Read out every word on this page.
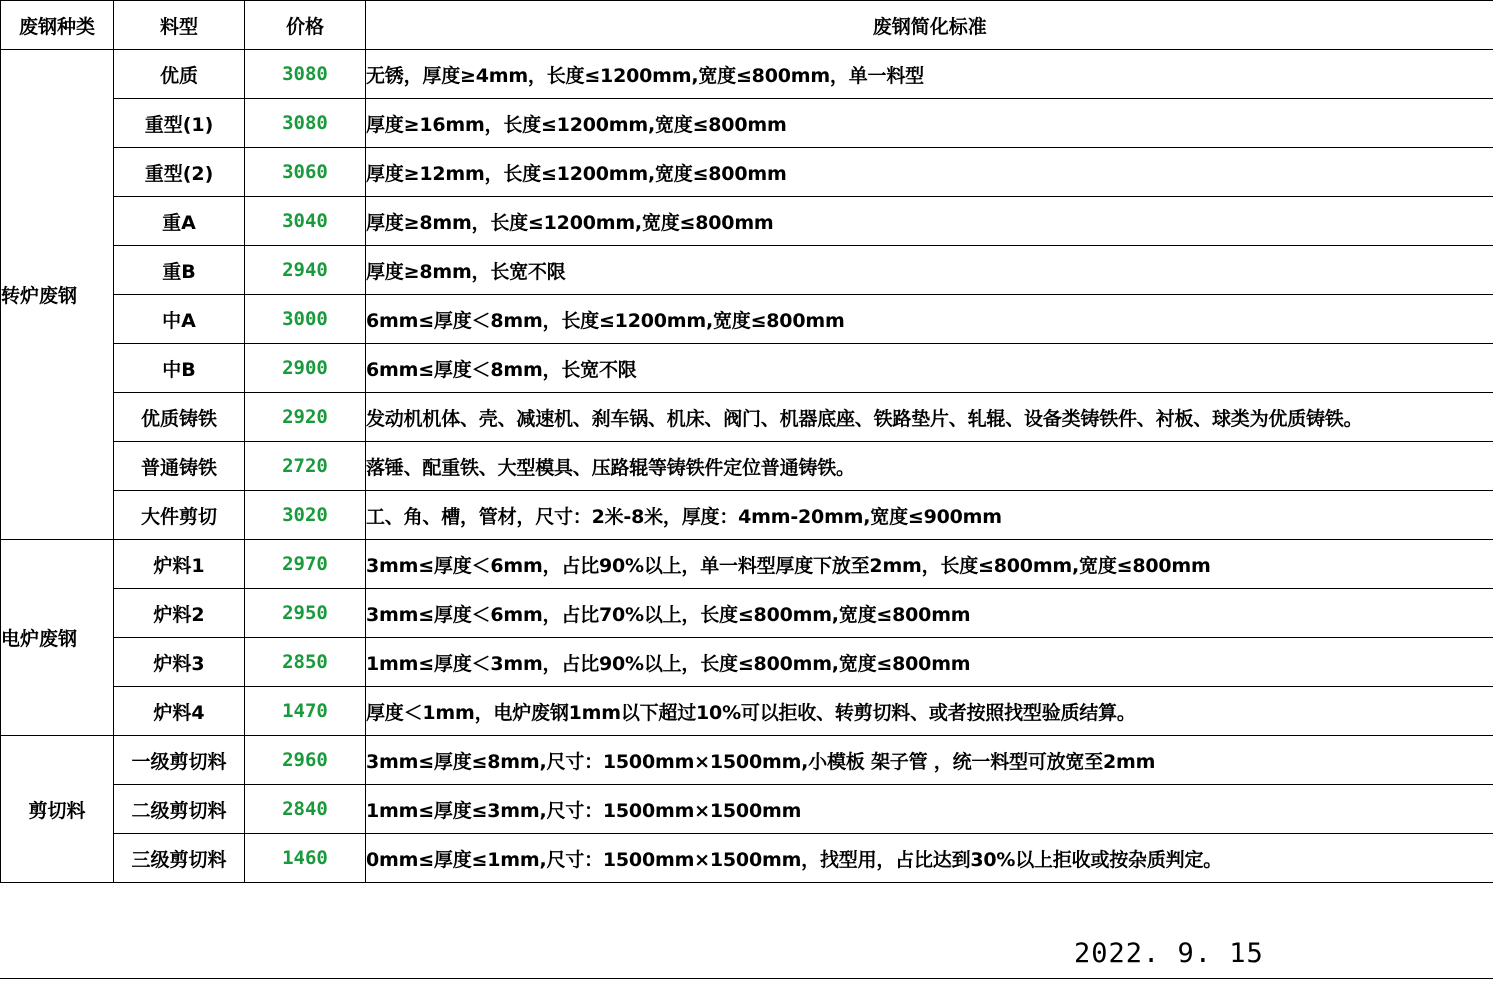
废钢种类	料型	价格	废钢简化标准
转炉废钢	优质	3080	无锈，厚度≥4mm，长度≤1200mm,宽度≤800mm，单一料型
	重型(1)	3080	厚度≥16mm，长度≤1200mm,宽度≤800mm
	重型(2)	3060	厚度≥12mm，长度≤1200mm,宽度≤800mm
	重A	3040	厚度≥8mm，长度≤1200mm,宽度≤800mm
	重B	2940	厚度≥8mm，长宽不限
	中A	3000	6mm≤厚度＜8mm，长度≤1200mm,宽度≤800mm
	中B	2900	6mm≤厚度＜8mm，长宽不限
	优质铸铁	2920	发动机机体、壳、减速机、刹车锅、机床、阀门、机器底座、铁路垫片、轧辊、设备类铸铁件、衬板、球类为优质铸铁。
	普通铸铁	2720	落锤、配重铁、大型模具、压路辊等铸铁件定位普通铸铁。
	大件剪切	3020	工、角、槽，管材，尺寸：2米-8米，厚度：4mm-20mm,宽度≤900mm
电炉废钢	炉料1	2970	3mm≤厚度＜6mm，占比90%以上，单一料型厚度下放至2mm，长度≤800mm,宽度≤800mm
	炉料2	2950	3mm≤厚度＜6mm，占比70%以上，长度≤800mm,宽度≤800mm
	炉料3	2850	1mm≤厚度＜3mm，占比90%以上，长度≤800mm,宽度≤800mm
	炉料4	1470	厚度＜1mm，电炉废钢1mm以下超过10%可以拒收、转剪切料、或者按照找型验质结算。
剪切料	一级剪切料	2960	3mm≤厚度≤8mm,尺寸：1500mm×1500mm,小模板 架子管 ，统一料型可放宽至2mm
	二级剪切料	2840	1mm≤厚度≤3mm,尺寸：1500mm×1500mm
	三级剪切料	1460	0mm≤厚度≤1mm,尺寸：1500mm×1500mm，找型用，占比达到30%以上拒收或按杂质判定。
2022. 9. 15
